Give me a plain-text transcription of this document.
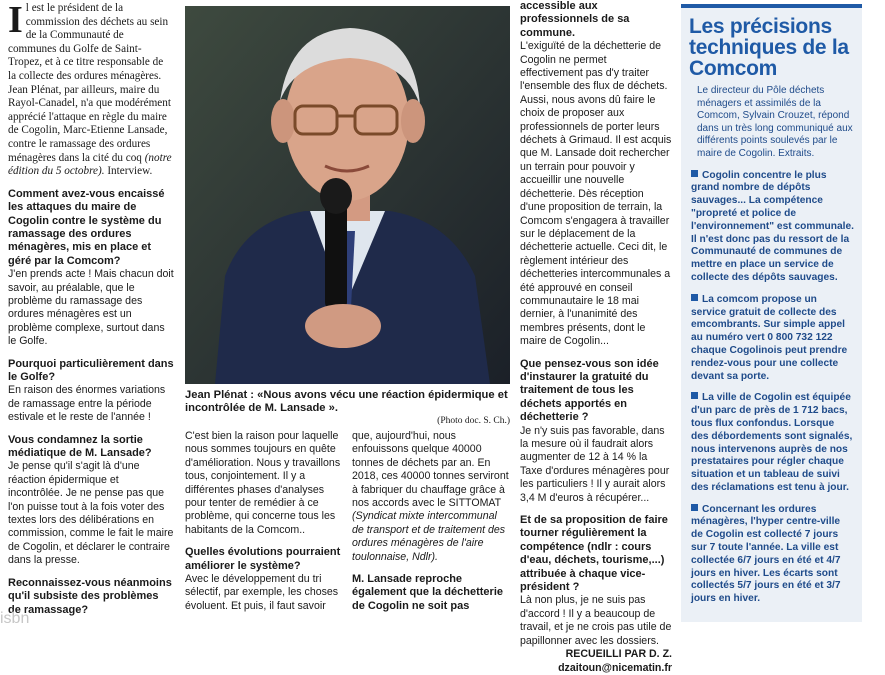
Il est le président de la commission des déchets au sein de la Communauté de communes du Golfe de Saint-Tropez, et à ce titre responsable de la collecte des ordures ménagères. Jean Plénat, par ailleurs, maire du Rayol-Canadel, n'a que modérément apprécié l'attaque en règle du maire de Cogolin, Marc-Etienne Lansade, contre le ramassage des ordures ménagères dans la cité du coq (notre édition du 5 octobre). Interview.

Comment avez-vous encaissé les attaques du maire de Cogolin contre le système du ramassage des ordures ménagères, mis en place et géré par la Comcom?

J'en prends acte ! Mais chacun doit savoir, au préalable, que le problème du ramassage des ordures ménagères est un problème complexe, surtout dans le Golfe.

Pourquoi particulièrement dans le Golfe?

En raison des énormes variations de ramassage entre la période estivale et le reste de l'année !

Vous condamnez la sortie médiatique de M. Lansade?

Je pense qu'il s'agit là d'une réaction épidermique et incontrôlée. Je ne pense pas que l'on puisse tout à la fois voter des textes lors des délibérations en commission, comme le fait le maire de Cogolin, et déclarer le contraire dans la presse.

Reconnaissez-vous néanmoins qu'il subsiste des problèmes de ramassage?

Jean Plénat : «Nous avons vécu une réaction épidermique et incontrôlée de M. Lansade ».
(Photo doc. S. Ch.)

C'est bien la raison pour laquelle nous sommes toujours en quête d'amélioration. Nous y travaillons tous, conjointement. Il y a différentes phases d'analyses pour tenter de remédier à ce problème, qui concerne tous les habitants de la Comcom..

Quelles évolutions pourraient améliorer le système?

Avec le développement du tri sélectif, par exemple, les choses évoluent. Et puis, il faut savoir

que, aujourd'hui, nous enfouissons quelque 40000 tonnes de déchets par an. En 2018, ces 40000 tonnes serviront à fabriquer du chauffage grâce à nos accords avec le SITTOMAT (Syndicat mixte intercommunal de transport et de traitement des ordures ménagères de l'aire toulonnaise, Ndlr).

M. Lansade reproche également que la déchetterie de Cogolin ne soit pas

accessible aux professionnels de sa commune.

L'exiguïté de la déchetterie de Cogolin ne permet effectivement pas d'y traiter l'ensemble des flux de déchets. Aussi, nous avons dû faire le choix de proposer aux professionnels de porter leurs déchets à Grimaud. Il est acquis que M. Lansade doit rechercher un terrain pour pouvoir y accueillir une nouvelle déchetterie. Dès réception d'une proposition de terrain, la Comcom s'engagera à travailler sur le déplacement de la déchetterie actuelle. Ceci dit, le règlement intérieur des déchetteries intercommunales a été approuvé en conseil communautaire le 18 mai dernier, à l'unanimité des membres présents, dont le maire de Cogolin...

Que pensez-vous son idée d'instaurer la gratuité du traitement de tous les déchets apportés en déchetterie ?

Je n'y suis pas favorable, dans la mesure où il faudrait alors augmenter de 12 à 14 % la Taxe d'ordures ménagères pour les particuliers ! Il y aurait alors 3,4 M d'euros à récupérer...

Et de sa proposition de faire tourner régulièrement la compétence (ndlr : cours d'eau, déchets, tourisme,...) attribuée à chaque vice-président ?

Là non plus, je ne suis pas d'accord ! Il y a beaucoup de travail, et je ne crois pas utile de papillonner avec les dossiers.

RECUEILLI PAR D. Z.

dzaitoun@nicematin.fr

Les précisions techniques de la Comcom

Le directeur du Pôle déchets ménagers et assimilés de la Comcom, Sylvain Crouzet, répond dans un très long communiqué aux différents points soulevés par le maire de Cogolin. Extraits.

Cogolin concentre le plus grand nombre de dépôts sauvages... La compétence "propreté et police de l'environnement" est communale. Il n'est donc pas du ressort de la Communauté de communes de mettre en place un service de collecte des dépôts sauvages.

La comcom propose un service gratuit de collecte des emcombrants. Sur simple appel au numéro vert 0 800 732 122 chaque Cogolinois peut prendre rendez-vous pour une collecte devant sa porte.

La ville de Cogolin est équipée d'un parc de près de 1 712 bacs, tous flux confondus. Lorsque des débordements sont signalés, nous intervenons auprès de nos prestataires pour régler chaque situation et un tableau de suivi des réclamations est tenu à jour.

Concernant les ordures ménagères, l'hyper centre-ville de Cogolin est collecté 7 jours sur 7 toute l'année. La ville est collectée 6/7 jours en été et 4/7 jours en hiver. Les écarts sont collectés 5/7 jours en été et 3/7 jours en hiver.

isbn
